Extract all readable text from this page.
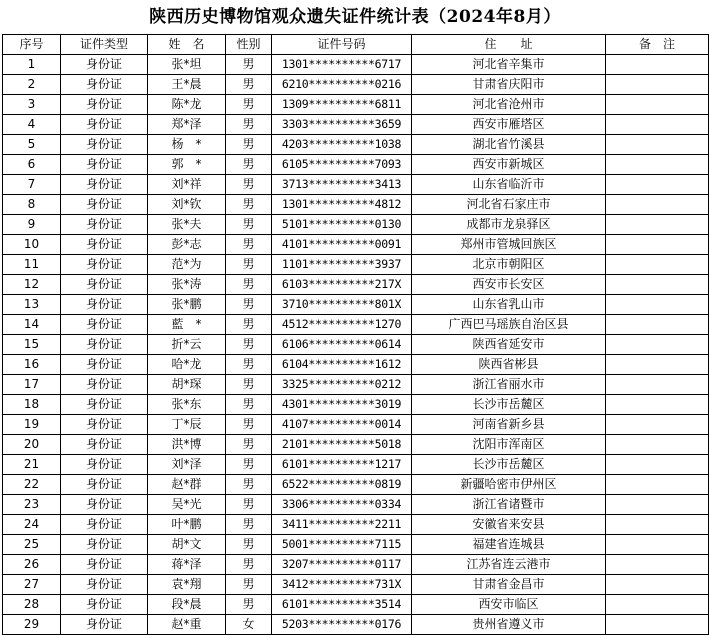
陕西历史博物馆观众遗失证件统计表（2024年8月）
序号	证件类型	姓　名	性别	证件号码	住　　址	备　注
1	身份证	张*坦	男	1301**********6717	河北省辛集市	
2	身份证	王*晨	男	6210**********0216	甘肃省庆阳市	
3	身份证	陈*龙	男	1309**********6811	河北省沧州市	
4	身份证	郑*泽	男	3303**********3659	西安市雁塔区	
5	身份证	杨　*	男	4203**********1038	湖北省竹溪县	
6	身份证	郭　*	男	6105**********7093	西安市新城区	
7	身份证	刘*祥	男	3713**********3413	山东省临沂市	
8	身份证	刘*钦	男	1301**********4812	河北省石家庄市	
9	身份证	张*夫	男	5101**********0130	成都市龙泉驿区	
10	身份证	彭*志	男	4101**********0091	郑州市管城回族区	
11	身份证	范*为	男	1101**********3937	北京市朝阳区	
12	身份证	张*涛	男	6103**********217X	西安市长安区	
13	身份证	张*鹏	男	3710**********801X	山东省乳山市	
14	身份证	藍　*	男	4512**********1270	广西巴马瑶族自治区县	
15	身份证	折*云	男	6106**********0614	陕西省延安市	
16	身份证	哈*龙	男	6104**********1612	陕西省彬县	
17	身份证	胡*琛	男	3325**********0212	浙江省丽水市	
18	身份证	张*东	男	4301**********3019	长沙市岳麓区	
19	身份证	丁*辰	男	4107**********0014	河南省新乡县	
20	身份证	洪*博	男	2101**********5018	沈阳市浑南区	
21	身份证	刘*泽	男	6101**********1217	长沙市岳麓区	
22	身份证	赵*群	男	6522**********0819	新疆哈密市伊州区	
23	身份证	吴*光	男	3306**********0334	浙江省诸暨市	
24	身份证	叶*鹏	男	3411**********2211	安徽省来安县	
25	身份证	胡*文	男	5001**********7115	福建省连城县	
26	身份证	蒋*泽	男	3207**********0117	江苏省连云港市	
27	身份证	袁*翔	男	3412**********731X	甘肃省金昌市	
28	身份证	段*晨	男	6101**********3514	西安市临区	
29	身份证	赵*重	女	5203**********0176	贵州省遵义市	
